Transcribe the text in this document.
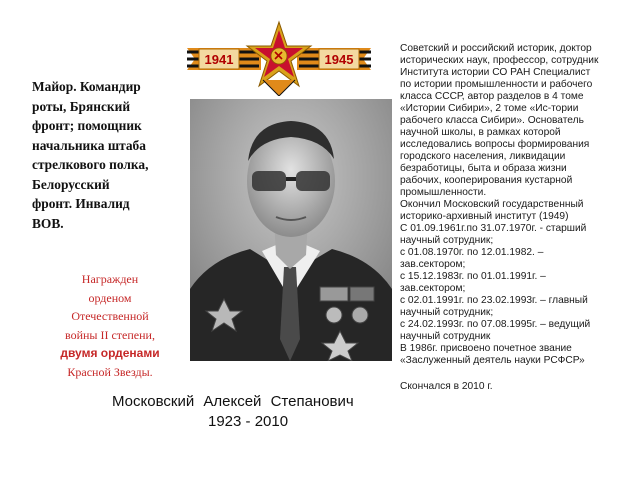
1941	1945
Майор. Командир
роты, Брянский
фронт; помощник
начальника штаба
стрелкового полка,
Белорусский
фронт. Инвалид
ВОВ.
Награжден
орденом
Отечественной
войны II степени,
двумя орденами
Красной Звезды.
Московский Алексей Степанович
1923 - 2010
Советский и российский историк, доктор
исторических наук, профессор, сотрудник
Института истории СО РАН Специалист
по истории промышленности и рабочего
класса СССР, автор разделов в 4 томе
«Истории Сибири», 2 томе «Ис-тории
рабочего класса Сибири». Основатель
научной школы, в рамках которой
исследовались вопросы формирования
городского населения, ликвидации
безработицы, быта и образа жизни
рабочих, кооперирования кустарной
промышленности.
Окончил Московский государственный
историко-архивный институт (1949)
С 01.09.1961г.по 31.07.1970г. - старший
научный сотрудник;
с 01.08.1970г. по 12.01.1982. –
зав.сектором;
с 15.12.1983г. по 01.01.1991г. –
зав.сектором;
с 02.01.1991г. по 23.02.1993г. – главный
научный сотрудник;
с 24.02.1993г. по 07.08.1995г. – ведущий
научный сотрудник
В 1986г. присвоено почетное звание
«Заслуженный деятель науки РСФСР»
Скончался в 2010 г.
